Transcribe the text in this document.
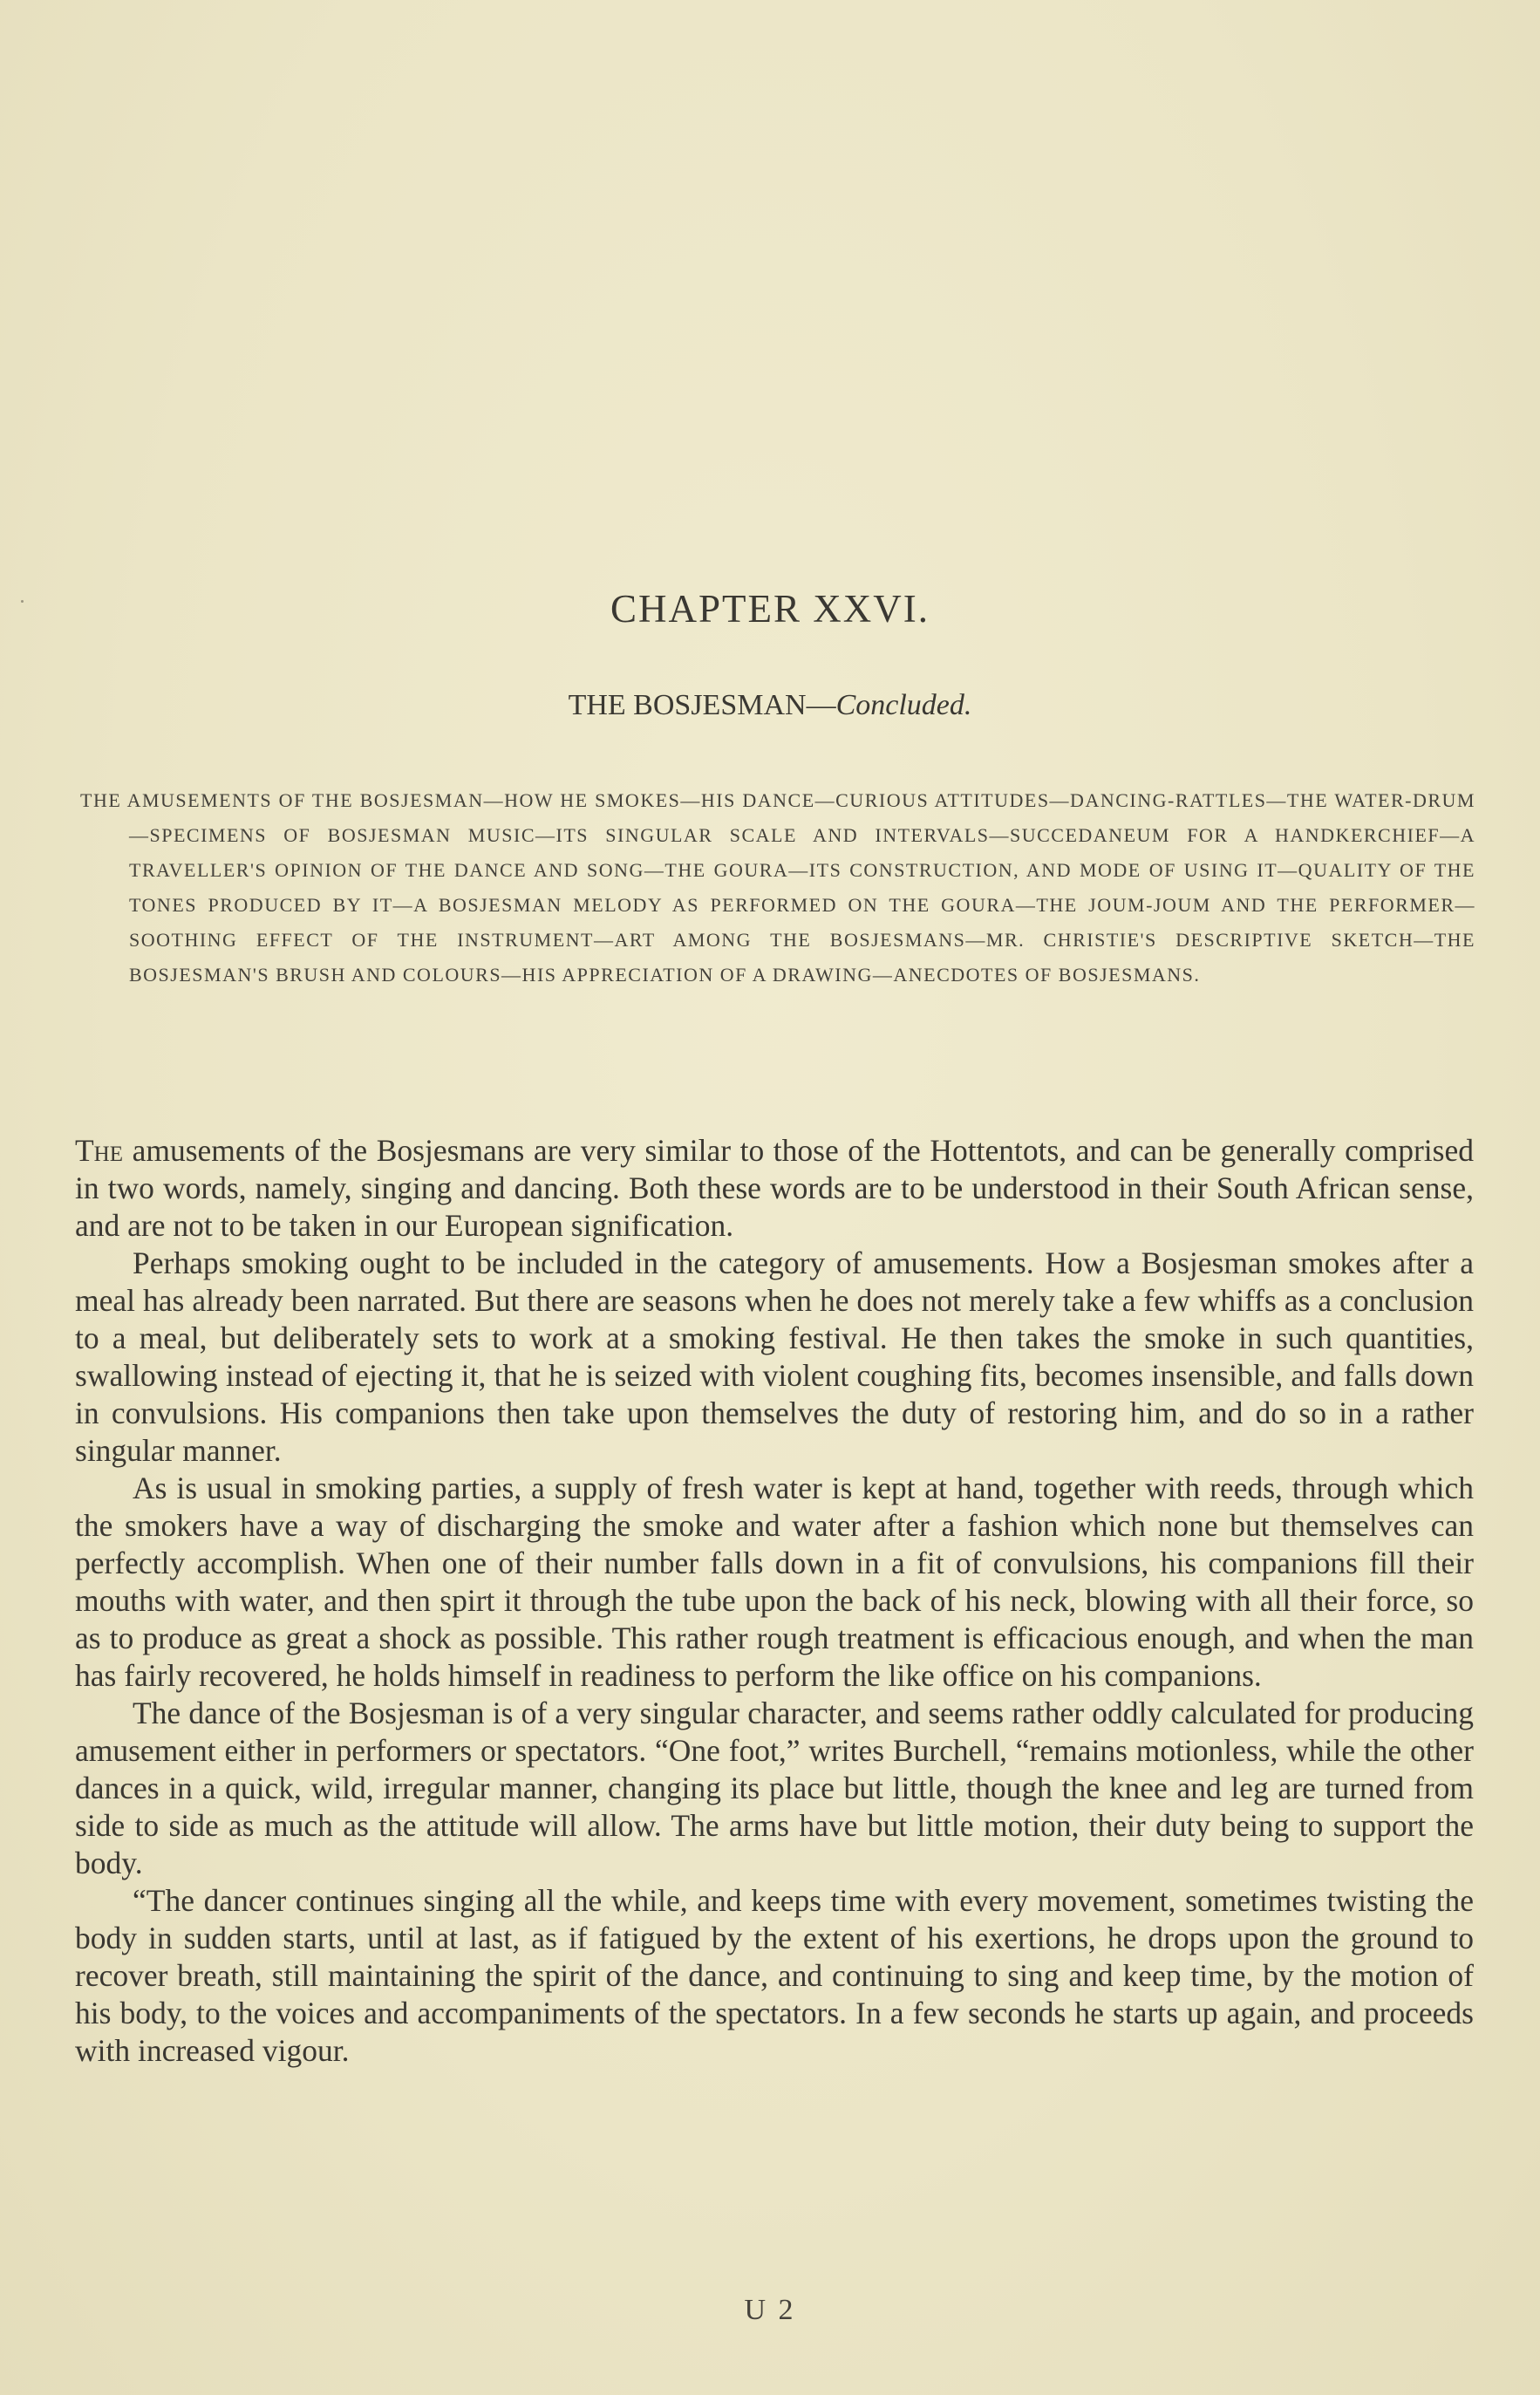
CHAPTER XXVI.
THE BOSJESMAN—Concluded.
THE AMUSEMENTS OF THE BOSJESMAN—HOW HE SMOKES—HIS DANCE—CURIOUS ATTITUDES—DANCING-RATTLES—THE WATER-DRUM—SPECIMENS OF BOSJESMAN MUSIC—ITS SINGULAR SCALE AND INTERVALS—SUCCEDANEUM FOR A HANDKERCHIEF—A TRAVELLER'S OPINION OF THE DANCE AND SONG—THE GOURA—ITS CONSTRUCTION, AND MODE OF USING IT—QUALITY OF THE TONES PRODUCED BY IT—A BOSJESMAN MELODY AS PERFORMED ON THE GOURA—THE JOUM-JOUM AND THE PERFORMER—SOOTHING EFFECT OF THE INSTRUMENT—ART AMONG THE BOSJESMANS—MR. CHRISTIE'S DESCRIPTIVE SKETCH—THE BOSJESMAN'S BRUSH AND COLOURS—HIS APPRECIATION OF A DRAWING—ANECDOTES OF BOSJESMANS.

The amusements of the Bosjesmans are very similar to those of the Hottentots, and can be generally comprised in two words, namely, singing and dancing. Both these words are to be understood in their South African sense, and are not to be taken in our European signification.

Perhaps smoking ought to be included in the category of amusements. How a Bosjesman smokes after a meal has already been narrated. But there are seasons when he does not merely take a few whiffs as a conclusion to a meal, but deliberately sets to work at a smoking festival. He then takes the smoke in such quantities, swallowing instead of ejecting it, that he is seized with violent coughing fits, becomes insensible, and falls down in convulsions. His companions then take upon themselves the duty of restoring him, and do so in a rather singular manner.

As is usual in smoking parties, a supply of fresh water is kept at hand, together with reeds, through which the smokers have a way of discharging the smoke and water after a fashion which none but themselves can perfectly accomplish. When one of their number falls down in a fit of convulsions, his companions fill their mouths with water, and then spirt it through the tube upon the back of his neck, blowing with all their force, so as to produce as great a shock as possible. This rather rough treatment is efficacious enough, and when the man has fairly recovered, he holds himself in readiness to perform the like office on his companions.

The dance of the Bosjesman is of a very singular character, and seems rather oddly calculated for producing amusement either in performers or spectators. “One foot,” writes Burchell, “remains motionless, while the other dances in a quick, wild, irregular manner, changing its place but little, though the knee and leg are turned from side to side as much as the attitude will allow. The arms have but little motion, their duty being to support the body.

“The dancer continues singing all the while, and keeps time with every movement, sometimes twisting the body in sudden starts, until at last, as if fatigued by the extent of his exertions, he drops upon the ground to recover breath, still maintaining the spirit of the dance, and continuing to sing and keep time, by the motion of his body, to the voices and accompaniments of the spectators. In a few seconds he starts up again, and proceeds with increased vigour.

U 2
